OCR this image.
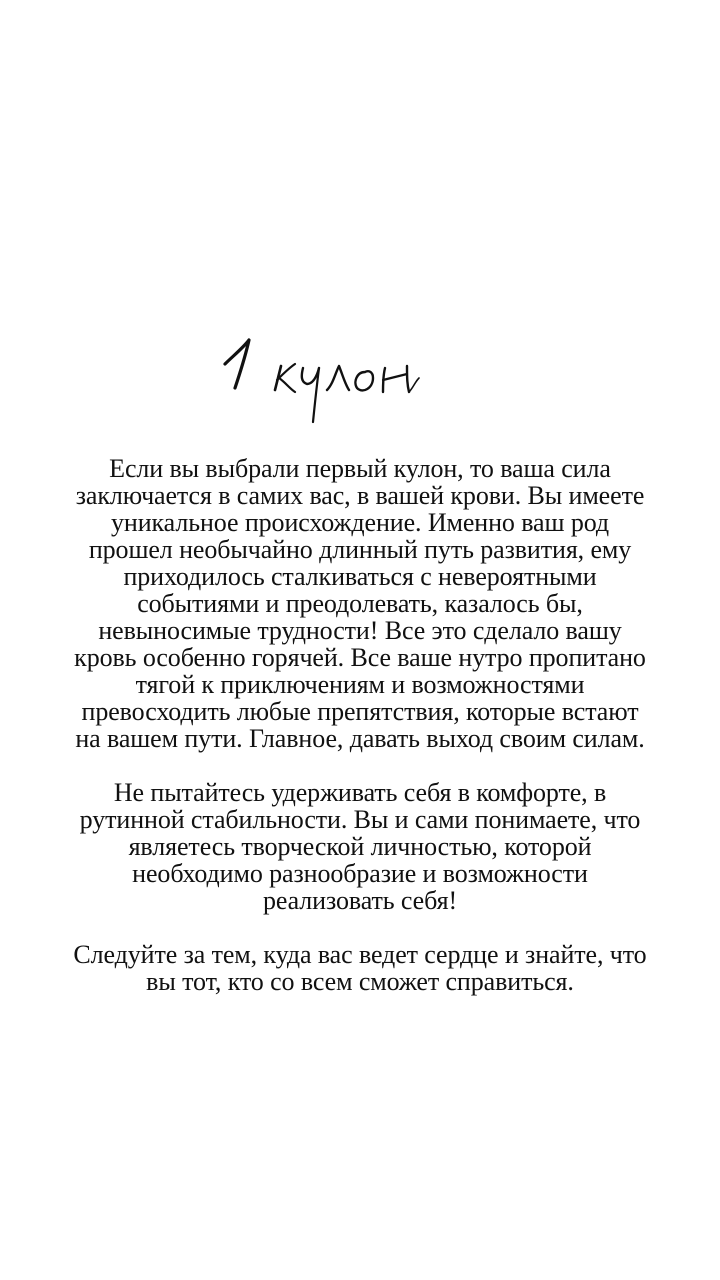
Если вы выбрали первый кулон, то ваша сила
заключается в самих вас, в вашей крови. Вы имеете
уникальное происхождение. Именно ваш род
прошел необычайно длинный путь развития, ему
приходилось сталкиваться с невероятными
событиями и преодолевать, казалось бы,
невыносимые трудности! Все это сделало вашу
кровь особенно горячей. Все ваше нутро пропитано
тягой к приключениям и возможностями
превосходить любые препятствия, которые встают
на вашем пути. Главное, давать выход своим силам.

Не пытайтесь удерживать себя в комфорте, в
рутинной стабильности. Вы и сами понимаете, что
являетесь творческой личностью, которой
необходимо разнообразие и возможности
реализовать себя!

Следуйте за тем, куда вас ведет сердце и знайте, что
вы тот, кто со всем сможет справиться.
